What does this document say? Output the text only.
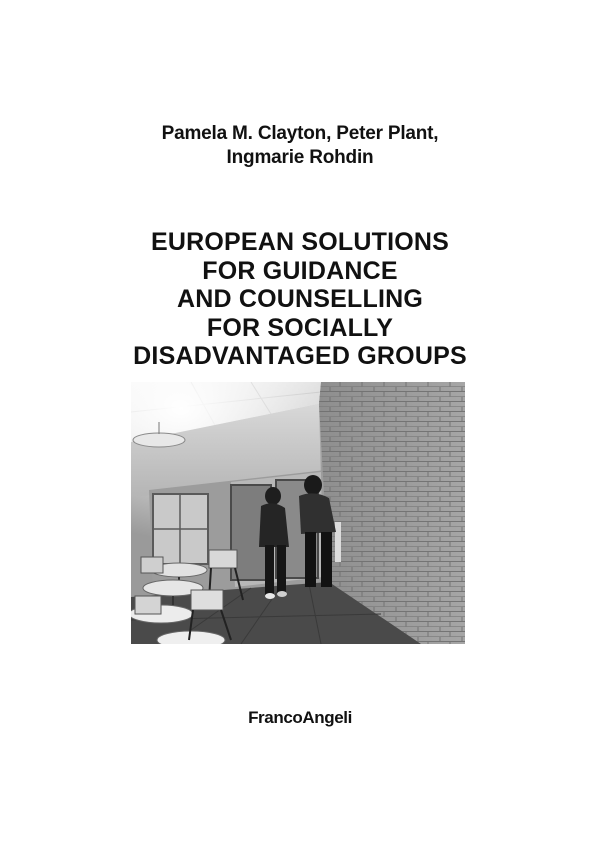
Pamela M. Clayton, Peter Plant,
Ingmarie Rohdin
EUROPEAN SOLUTIONS
FOR GUIDANCE
AND COUNSELLING
FOR SOCIALLY
DISADVANTAGED GROUPS
FrancoAngeli
